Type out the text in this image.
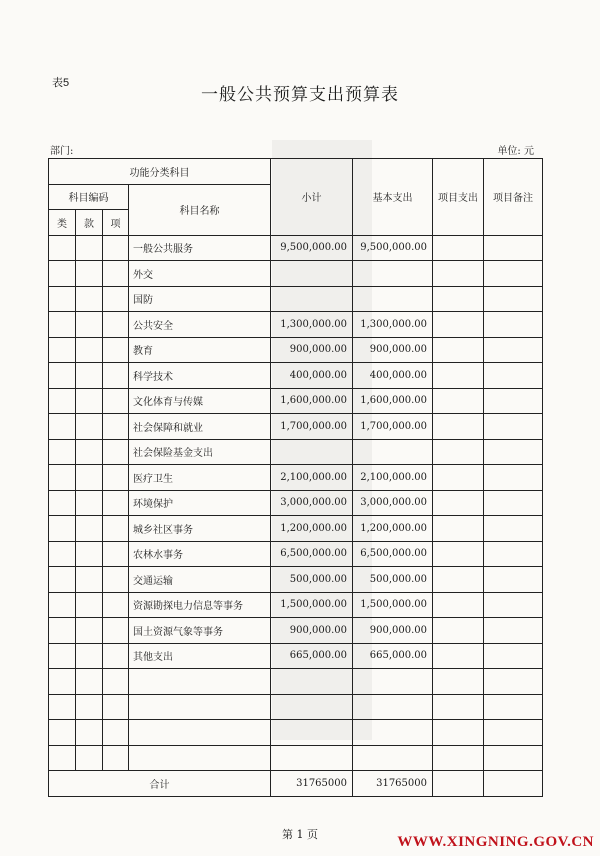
表5
一般公共预算支出预算表
部门:	单位: 元
功能分类科目				小计	基本支出	项目支出	项目备注
科目编码			科目名称				
类	款	项					
			一般公共服务	9,500,000.00	9,500,000.00		
			外交				
			国防				
			公共安全	1,300,000.00	1,300,000.00		
			教育	900,000.00	900,000.00		
			科学技术	400,000.00	400,000.00		
			文化体育与传媒	1,600,000.00	1,600,000.00		
			社会保障和就业	1,700,000.00	1,700,000.00		
			社会保险基金支出				
			医疗卫生	2,100,000.00	2,100,000.00		
			环境保护	3,000,000.00	3,000,000.00		
			城乡社区事务	1,200,000.00	1,200,000.00		
			农林水事务	6,500,000.00	6,500,000.00		
			交通运输	500,000.00	500,000.00		
			资源勘探电力信息等事务	1,500,000.00	1,500,000.00		
			国土资源气象等事务	900,000.00	900,000.00		
			其他支出	665,000.00	665,000.00		

合计				31765000	31765000		
第 1 页	WWW.XINGNING.GOV.CN
